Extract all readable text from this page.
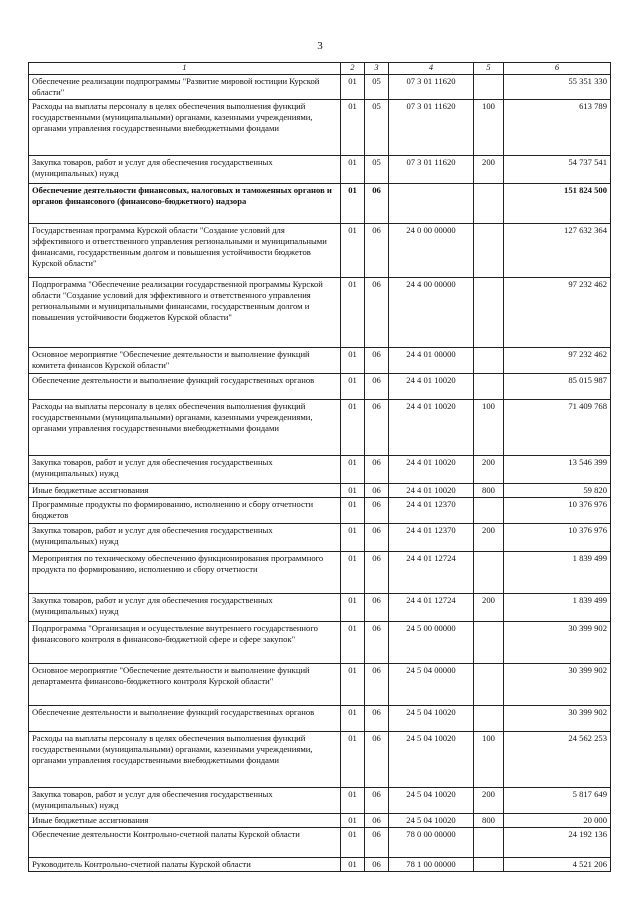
3
1	2	3	4	5	6
Обеспечение реализации подпрограммы "Развитие мировой юстиции Курской области"	01	05	07 3 01 11620		55 351 330
Расходы на выплаты персоналу в целях обеспечения выполнения функций государственными (муниципальными) органами, казенными учреждениями, органами управления государственными внебюджетными фондами	01	05	07 3 01 11620	100	613 789
Закупка товаров, работ и услуг для обеспечения государственных (муниципальных) нужд	01	05	07 3 01 11620	200	54 737 541
Обеспечение деятельности финансовых, налоговых и таможенных органов и органов финансового (финансово-бюджетного) надзора	01	06			151 824 500
Государственная программа Курской области "Создание условий для эффективного и ответственного управления региональными и муниципальными финансами, государственным долгом и повышения устойчивости бюджетов Курской области"	01	06	24 0 00 00000		127 632 364
Подпрограмма "Обеспечение реализации государственной программы Курской области "Создание условий для эффективного и ответственного управления региональными и муниципальными финансами, государственным долгом и повышения устойчивости бюджетов Курской области"	01	06	24 4 00 00000		97 232 462
Основное мероприятие "Обеспечение деятельности и выполнение функций комитета финансов Курской области"	01	06	24 4 01 00000		97 232 462
Обеспечение деятельности и выполнение функций государственных органов	01	06	24 4 01 10020		85 015 987
Расходы на выплаты персоналу в целях обеспечения выполнения функций государственными (муниципальными) органами, казенными учреждениями, органами управления государственными внебюджетными фондами	01	06	24 4 01 10020	100	71 409 768
Закупка товаров, работ и услуг для обеспечения государственных (муниципальных) нужд	01	06	24 4 01 10020	200	13 546 399
Иные бюджетные ассигнования	01	06	24 4 01 10020	800	59 820
Программные продукты по формированию, исполнению и сбору отчетности бюджетов	01	06	24 4 01 12370		10 376 976
Закупка товаров, работ и услуг для обеспечения государственных (муниципальных) нужд	01	06	24 4 01 12370	200	10 376 976
Мероприятия по техническому обеспечению функционирования программного продукта по формированию, исполнению и сбору отчетности	01	06	24 4 01 12724		1 839 499
Закупка товаров, работ и услуг для обеспечения государственных (муниципальных) нужд	01	06	24 4 01 12724	200	1 839 499
Подпрограмма "Организация и осуществление внутреннего государственного финансового контроля в финансово-бюджетной сфере и сфере закупок"	01	06	24 5 00 00000		30 399 902
Основное мероприятие "Обеспечение деятельности и выполнение функций департамента финансово-бюджетного контроля Курской области"	01	06	24 5 04 00000		30 399 902
Обеспечение деятельности и выполнение функций государственных органов	01	06	24 5 04 10020		30 399 902
Расходы на выплаты персоналу в целях обеспечения выполнения функций государственными (муниципальными) органами, казенными учреждениями, органами управления государственными внебюджетными фондами	01	06	24 5 04 10020	100	24 562 253
Закупка товаров, работ и услуг для обеспечения государственных (муниципальных) нужд	01	06	24 5 04 10020	200	5 817 649
Иные бюджетные ассигнования	01	06	24 5 04 10020	800	20 000
Обеспечение деятельности Контрольно-счетной палаты Курской области	01	06	78 0 00 00000		24 192 136
Руководитель Контрольно-счетной палаты Курской области	01	06	78 1 00 00000		4 521 206
